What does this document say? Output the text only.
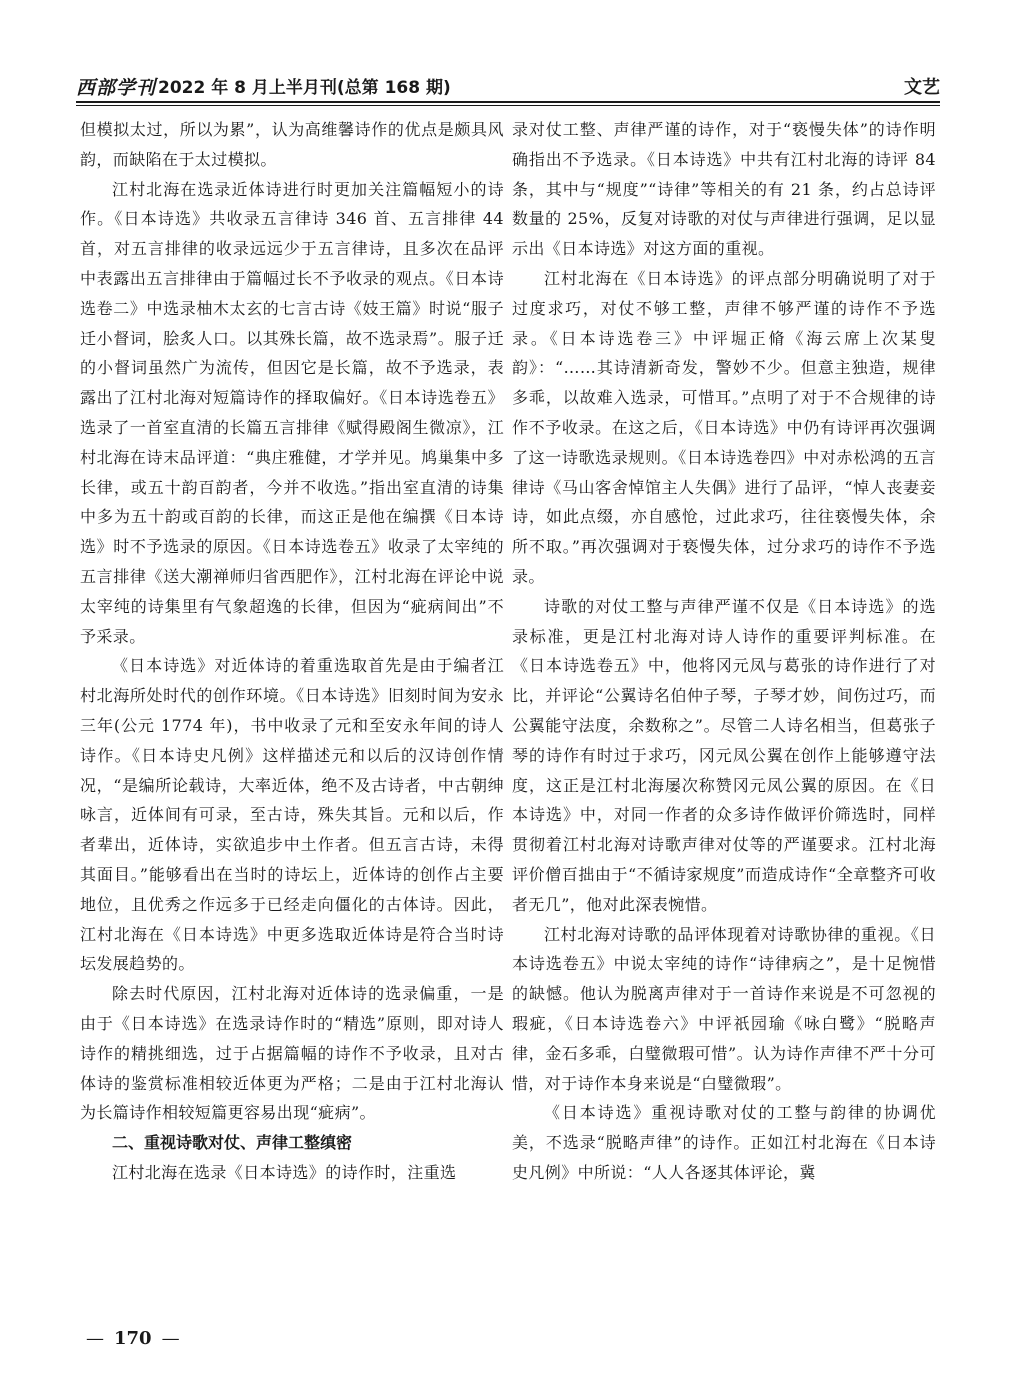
西部学刊 2022 年 8 月上半月刊(总第 168 期)	文艺

但模拟太过，所以为累”，认为高维馨诗作的优点是颇具风韵，而缺陷在于太过模拟。

江村北海在选录近体诗进行时更加关注篇幅短小的诗作。《日本诗选》共收录五言律诗 346 首、五言排律 44 首，对五言排律的收录远远少于五言律诗，且多次在品评中表露出五言排律由于篇幅过长不予收录的观点。《日本诗选卷二》中选录柚木太玄的七言古诗《妓王篇》时说“服子迁小督词，脍炙人口。以其殊长篇，故不选录焉”。服子迁的小督词虽然广为流传，但因它是长篇，故不予选录，表露出了江村北海对短篇诗作的择取偏好。《日本诗选卷五》选录了一首室直清的长篇五言排律《赋得殿阁生微凉》，江村北海在诗末品评道：“典庄雅健，才学并见。鸠巢集中多长律，或五十韵百韵者，今并不收选。”指出室直清的诗集中多为五十韵或百韵的长律，而这正是他在编撰《日本诗选》时不予选录的原因。《日本诗选卷五》收录了太宰纯的五言排律《送大潮禅师归省西肥作》，江村北海在评论中说太宰纯的诗集里有气象超逸的长律，但因为“疵病间出”不予采录。

《日本诗选》对近体诗的着重选取首先是由于编者江村北海所处时代的创作环境。《日本诗选》旧刻时间为安永三年(公元 1774 年)，书中收录了元和至安永年间的诗人诗作。《日本诗史凡例》这样描述元和以后的汉诗创作情况，“是编所论载诗，大率近体，绝不及古诗者，中古朝绅咏言，近体间有可录，至古诗，殊失其旨。元和以后，作者辈出，近体诗，实欲追步中土作者。但五言古诗，未得其面目。”能够看出在当时的诗坛上，近体诗的创作占主要地位，且优秀之作远多于已经走向僵化的古体诗。因此，江村北海在《日本诗选》中更多选取近体诗是符合当时诗坛发展趋势的。

除去时代原因，江村北海对近体诗的选录偏重，一是由于《日本诗选》在选录诗作时的“精选”原则，即对诗人诗作的精挑细选，过于占据篇幅的诗作不予收录，且对古体诗的鉴赏标准相较近体更为严格；二是由于江村北海认为长篇诗作相较短篇更容易出现“疵病”。

二、重视诗歌对仗、声律工整缜密

江村北海在选录《日本诗选》的诗作时，注重选

录对仗工整、声律严谨的诗作，对于“亵慢失体”的诗作明确指出不予选录。《日本诗选》中共有江村北海的诗评 84 条，其中与“规度”“诗律”等相关的有 21 条，约占总诗评数量的 25%，反复对诗歌的对仗与声律进行强调，足以显示出《日本诗选》对这方面的重视。

江村北海在《日本诗选》的评点部分明确说明了对于过度求巧，对仗不够工整，声律不够严谨的诗作不予选录。《日本诗选卷三》中评堀正脩《海云席上次某叟韵》：“……其诗清新奇发，警妙不少。但意主独造，规律多乖，以故难入选录，可惜耳。”点明了对于不合规律的诗作不予收录。在这之后，《日本诗选》中仍有诗评再次强调了这一诗歌选录规则。《日本诗选卷四》中对赤松鸿的五言律诗《马山客舍悼馆主人失偶》进行了品评，“悼人丧妻妾诗，如此点缀，亦自感怆，过此求巧，往往亵慢失体，余所不取。”再次强调对于亵慢失体，过分求巧的诗作不予选录。

诗歌的对仗工整与声律严谨不仅是《日本诗选》的选录标准，更是江村北海对诗人诗作的重要评判标准。在《日本诗选卷五》中，他将冈元凤与葛张的诗作进行了对比，并评论“公翼诗名伯仲子琴，子琴才妙，间伤过巧，而公翼能守法度，余数称之”。尽管二人诗名相当，但葛张子琴的诗作有时过于求巧，冈元凤公翼在创作上能够遵守法度，这正是江村北海屡次称赞冈元凤公翼的原因。在《日本诗选》中，对同一作者的众多诗作做评价筛选时，同样贯彻着江村北海对诗歌声律对仗等的严谨要求。江村北海评价僧百拙由于“不循诗家规度”而造成诗作“全章整齐可收者无几”，他对此深表惋惜。

江村北海对诗歌的品评体现着对诗歌协律的重视。《日本诗选卷五》中说太宰纯的诗作“诗律病之”，是十足惋惜的缺憾。他认为脱离声律对于一首诗作来说是不可忽视的瑕疵，《日本诗选卷六》中评祇园瑜《咏白鹭》“脱略声律，金石多乖，白璧微瑕可惜”。认为诗作声律不严十分可惜，对于诗作本身来说是“白璧微瑕”。

《日本诗选》重视诗歌对仗的工整与韵律的协调优美，不选录“脱略声律”的诗作。正如江村北海在《日本诗史凡例》中所说：“人人各逐其体评论，冀

— 170 —
